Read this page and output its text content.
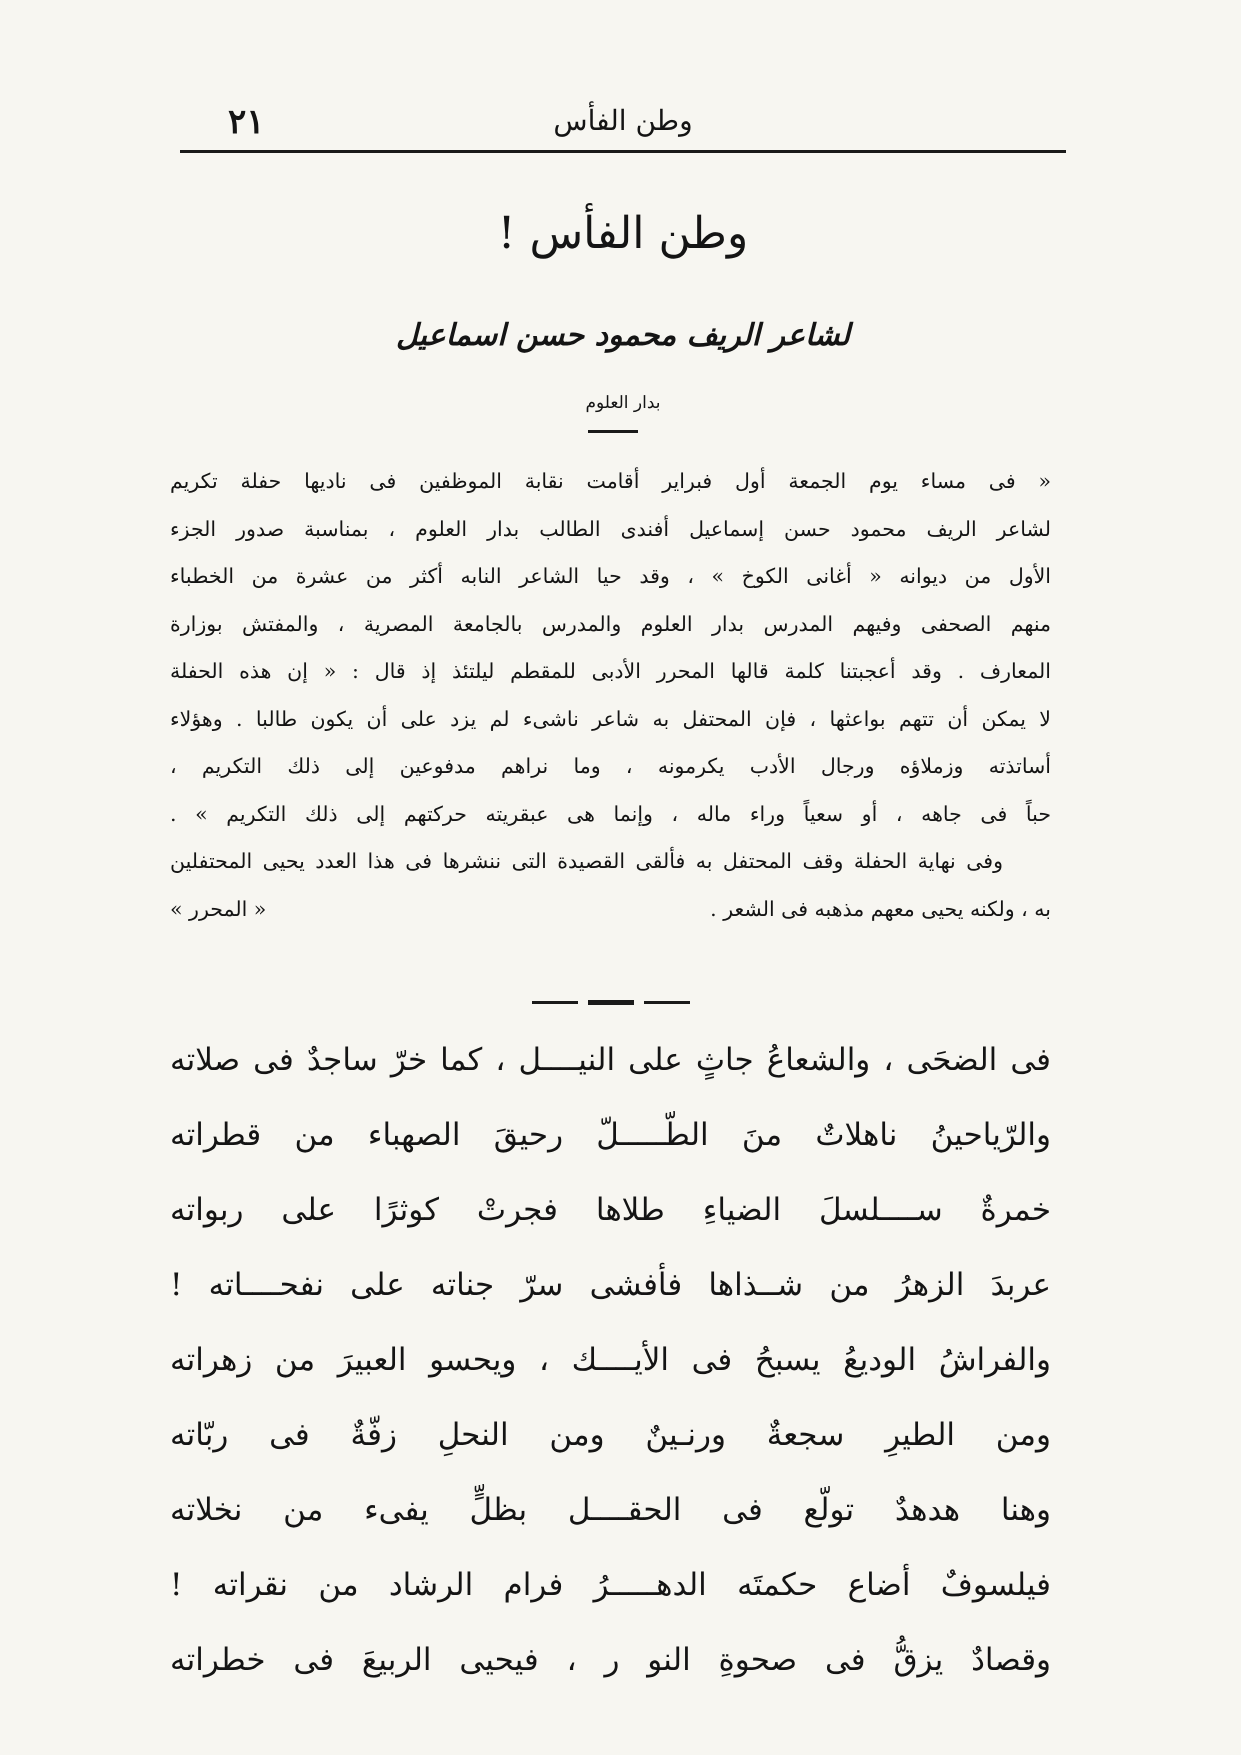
٢١	وطن الفأس
وطن الفأس !
لشاعر الريف محمود حسن اسماعيل
بدار العلوم
« فى مساء يوم الجمعة أول فبراير أقامت نقابة الموظفين فى ناديها حفلة تكريم
لشاعر الريف محمود حسن إسماعيل أفندى الطالب بدار العلوم ، بمناسبة صدور الجزء
الأول من ديوانه « أغانى الكوخ » ، وقد حيا الشاعر النابه أكثر من عشرة من الخطباء
منهم الصحفى وفيهم المدرس بدار العلوم والمدرس بالجامعة المصرية ، والمفتش بوزارة
المعارف . وقد أعجبتنا كلمة قالها المحرر الأدبى للمقطم ليلتئذ إذ قال : « إن هذه الحفلة
لا يمكن أن تتهم بواعثها ، فإن المحتفل به شاعر ناشىء لم يزد على أن يكون طالبا . وهؤلاء
أساتذته وزملاؤه ورجال الأدب يكرمونه ، وما نراهم مدفوعين إلى ذلك التكريم ،
حباً فى جاهه ، أو سعياً وراء ماله ، وإنما هى عبقريته حركتهم إلى ذلك التكريم » .
وفى نهاية الحفلة وقف المحتفل به فألقى القصيدة التى ننشرها فى هذا العدد يحيى المحتفلين
به ، ولكنه يحيى معهم مذهبه فى الشعر .
« المحرر »
فى الضحَى ، والشعاعُ جاثٍ على النيــــل ، كما خرّ ساجدٌ فى صلاته
والرّياحينُ ناهلاتٌ منَ الطّـــــلّ رحيقَ الصهباء من قطراته
خمرةٌ ســــلسلَ الضياءِ طلاها فجرتْ كوثرًا على ربواته
عربدَ الزهرُ من شــذاها فأفشى سرّ جناته على نفحــــاته !
والفراشُ الوديعُ يسبحُ فى الأيــــك ، ويحسو العبيرَ من زهراته
ومن الطيرِ سجعةٌ ورنـينٌ ومن النحلِ زفّةٌ فى ربّاته
وهنا هدهدٌ تولّع فى الحقــــل بظلٍّ يفىء من نخلاته
فيلسوفٌ أضاع حكمتَه الدهـــــرُ فرام الرشاد من نقراته !
وقصادٌ يزقُّ فى صحوةِ النو ر ، فيحيى الربيعَ فى خطراته
